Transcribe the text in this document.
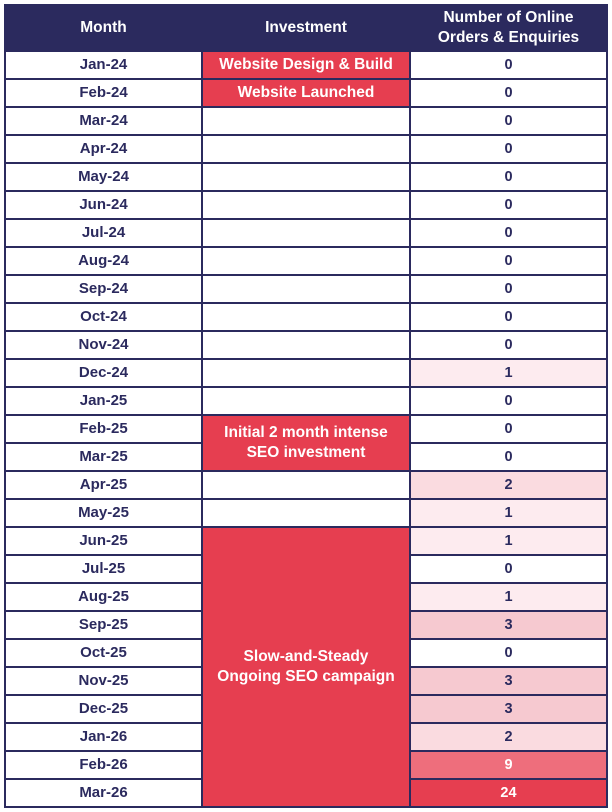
Month	Investment
Number of Online
Orders & Enquiries
Jan-24
Feb-24
Mar-24
Apr-24
May-24
Jun-24
Jul-24
Aug-24
Sep-24
Oct-24
Nov-24
Dec-24
Jan-25
Feb-25
Mar-25
Apr-25
May-25
Jun-25
Jul-25
Aug-25
Sep-25
Oct-25
Nov-25
Dec-25
Jan-26
Feb-26
Mar-26
Website Design & Build
Website Launched
Initial 2 month intense SEO investment
Slow-and-Steady Ongoing SEO campaign
0
0
0
0
0
0
0
0
0
0
0
1
0
0
0
2
1
1
0
1
3
0
3
3
2
9
24
